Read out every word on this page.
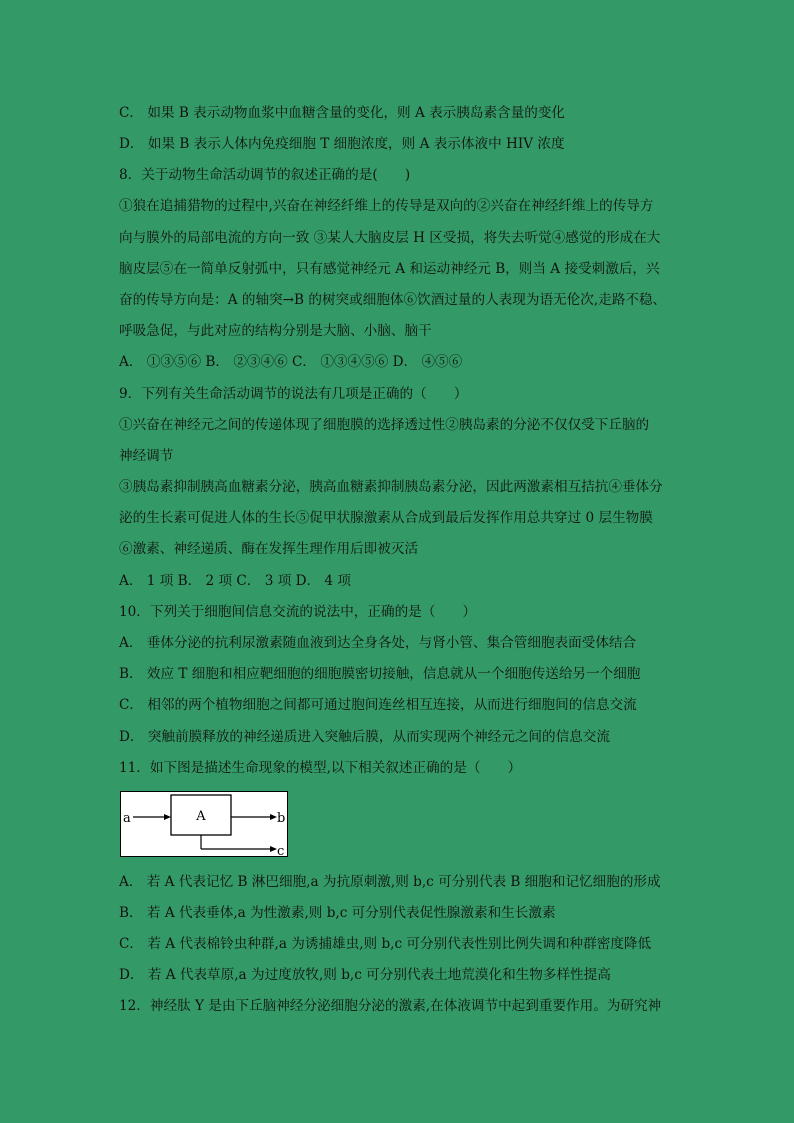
C． 如果 B 表示动物血浆中血糖含量的变化，则 A 表示胰岛素含量的变化
D． 如果 B 表示人体内免疫细胞 T 细胞浓度，则 A 表示体液中 HIV 浓度
8．关于动物生命活动调节的叙述正确的是(　　)
①狼在追捕猎物的过程中,兴奋在神经纤维上的传导是双向的②兴奋在神经纤维上的传导方
向与膜外的局部电流的方向一致 ③某人大脑皮层 H 区受损，将失去听觉④感觉的形成在大
脑皮层⑤在一简单反射弧中，只有感觉神经元 A 和运动神经元 B，则当 A 接受刺激后，兴
奋的传导方向是：A 的轴突→B 的树突或细胞体⑥饮酒过量的人表现为语无伦次,走路不稳、
呼吸急促，与此对应的结构分别是大脑、小脑、脑干
A． ①③⑤⑥ B． ②③④⑥ C． ①③④⑤⑥ D． ④⑤⑥
9．下列有关生命活动调节的说法有几项是正确的（　　）
①兴奋在神经元之间的传递体现了细胞膜的选择透过性②胰岛素的分泌不仅仅受下丘脑的
神经调节
③胰岛素抑制胰高血糖素分泌，胰高血糖素抑制胰岛素分泌，因此两激素相互拮抗④垂体分
泌的生长素可促进人体的生长⑤促甲状腺激素从合成到最后发挥作用总共穿过 0 层生物膜
⑥激素、神经递质、酶在发挥生理作用后即被灭活
A． 1 项 B． 2 项 C． 3 项 D． 4 项
10．下列关于细胞间信息交流的说法中，正确的是（　　）
A． 垂体分泌的抗利尿激素随血液到达全身各处，与肾小管、集合管细胞表面受体结合
B． 效应 T 细胞和相应靶细胞的细胞膜密切接触，信息就从一个细胞传送给另一个细胞
C． 相邻的两个植物细胞之间都可通过胞间连丝相互连接，从而进行细胞间的信息交流
D． 突触前膜释放的神经递质进入突触后膜，从而实现两个神经元之间的信息交流
11．如下图是描述生命现象的模型,以下相关叙述正确的是（　　）
A
a	b
c
A． 若 A 代表记忆 B 淋巴细胞,a 为抗原刺激,则 b,c 可分别代表 B 细胞和记忆细胞的形成
B． 若 A 代表垂体,a 为性激素,则 b,c 可分别代表促性腺激素和生长激素
C． 若 A 代表棉铃虫种群,a 为诱捕雄虫,则 b,c 可分别代表性别比例失调和种群密度降低
D． 若 A 代表草原,a 为过度放牧,则 b,c 可分别代表土地荒漠化和生物多样性提高
12．神经肽 Y 是由下丘脑神经分泌细胞分泌的激素,在体液调节中起到重要作用。为研究神
